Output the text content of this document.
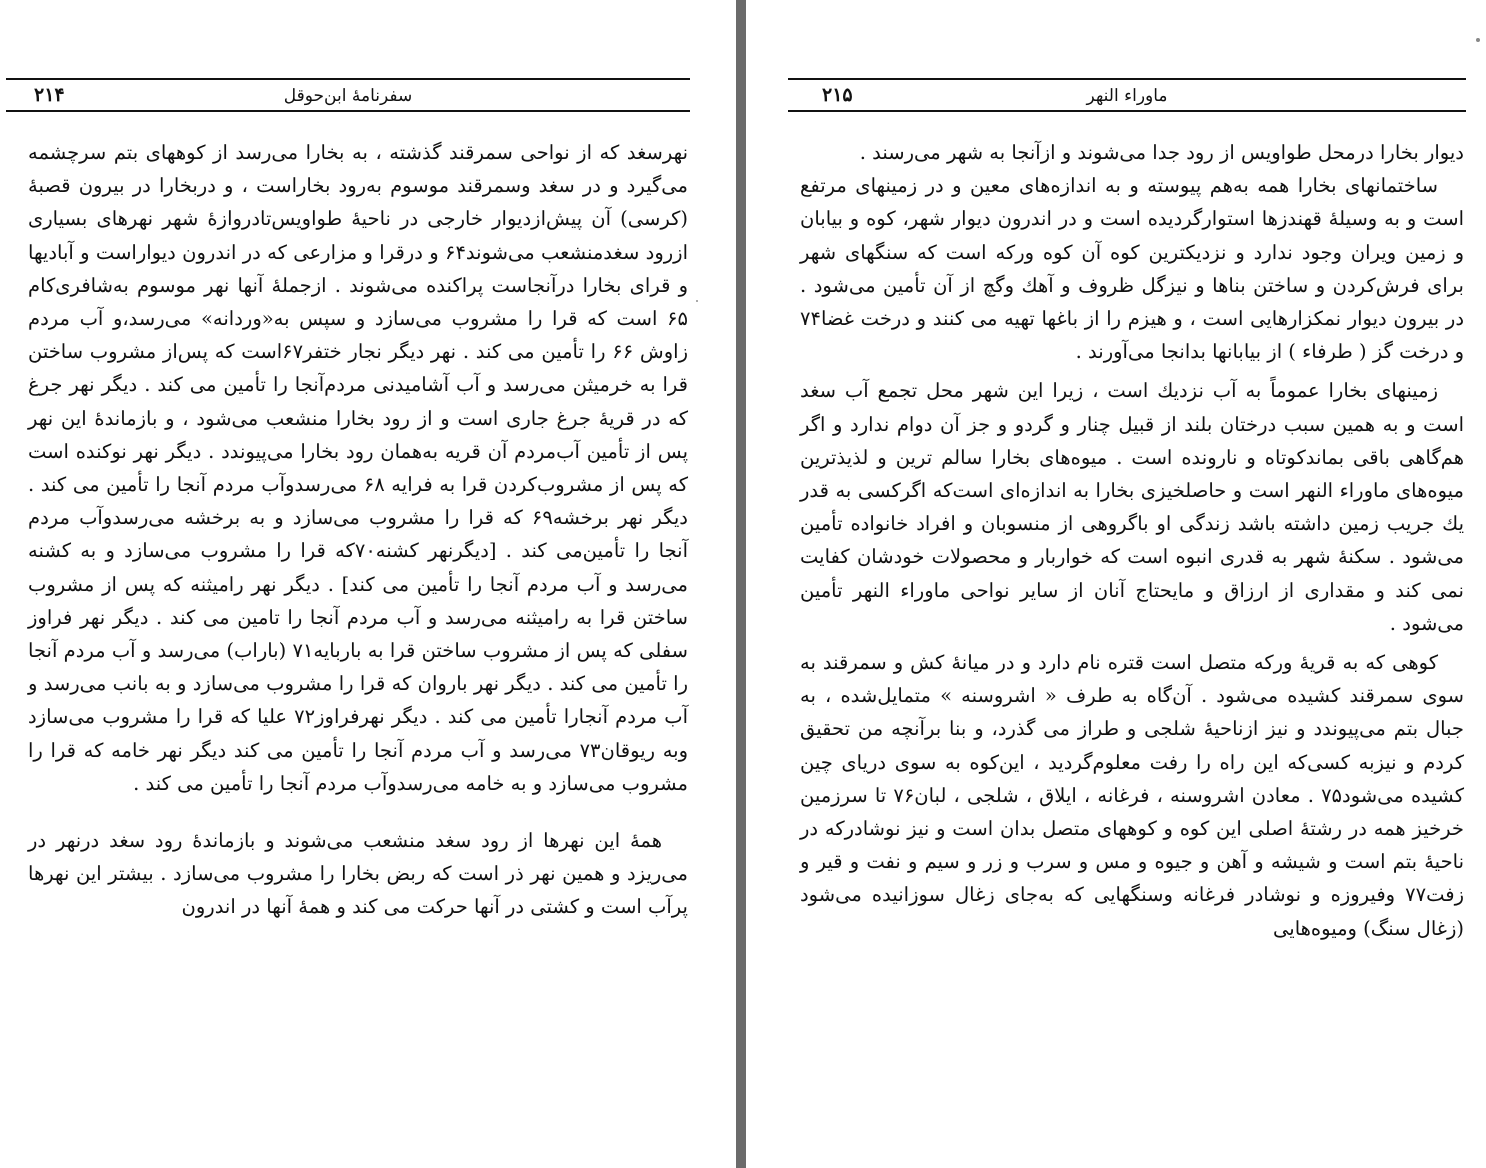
سفرنامهٔ ابن‌حوقل
۲۱۴

نهرسغد که از نواحی سمرقند گذشته ، به بخارا می‌رسد از کوههای بتم سرچشمه می‌گیرد و در سغد وسمرقند موسوم به‌رود بخاراست ، و دربخارا در بیرون قصبهٔ (کرسی) آن پیش‌ازدیوار خارجی در ناحیهٔ طواویس‌تادروازهٔ شهر نهرهای بسیاری ازرود سغدمنشعب می‌شوند۶۴ و درقرا و مزارعی که در اندرون دیواراست و آبادیها و قرای بخارا درآنجاست پراکنده می‌شوند . ازجملهٔ آنها نهر موسوم به‌شافری‌کام ۶۵ است که قرا را مشروب می‌سازد و سپس به«وردانه» می‌رسد،و آب مردم زاوش ۶۶ را تأمین می کند . نهر دیگر نجار ختفر۶۷است که پس‌از مشروب ساختن قرا به خرمیثن می‌رسد و آب آشامیدنی مردم‌آنجا را تأمین می کند . دیگر نهر جرغ که در قریهٔ جرغ جاری است و از رود بخارا منشعب می‌شود ، و بازماندهٔ این نهر پس از تأمین آب‌مردم آن قریه به‌همان رود بخارا می‌پیوندد . دیگر نهر نوکنده است که پس از مشروب‌کردن قرا به فرایه ۶۸ می‌رسد‌و‌آب مردم آنجا را تأمین می کند . دیگر نهر برخشه۶۹ که قرا را مشروب می‌سازد و به برخشه می‌رسد‌و‌آب مردم آنجا را تأمین‌می کند . [دیگرنهر کشنه۷۰که قرا را مشروب می‌سازد و به کشنه می‌رسد و آب مردم آنجا را تأمین می کند] . دیگر نهر رامیثنه که پس از مشروب ساختن قرا به رامیثنه می‌رسد و آب مردم آنجا را تامین می کند . دیگر نهر فراوز سفلی که پس از مشروب ساختن قرا به باربایه۷۱ (باراب) می‌رسد و آب مردم آنجا را تأمین می کند . دیگر نهر باروان که قرا را مشروب می‌سازد و به بانب می‌رسد و آب مردم آنجارا تأمین می کند . دیگر نهرفراوز۷۲ علیا که قرا را مشروب می‌سازد وبه ریوقان۷۳ می‌رسد و آب مردم آنجا را تأمین می کند دیگر نهر خامه که قرا را مشروب می‌سازد و به خامه می‌رسد‌و‌آب مردم آنجا را تأمین می کند .

همهٔ این نهرها از رود سغد منشعب می‌شوند و بازماندهٔ رود سغد درنهر در می‌ریزد و همین نهر ذر است که ربض بخارا را مشروب می‌سازد . بیشتر این نهرها پرآب است و کشتی در آنها حرکت می کند و همهٔ آنها در اندرون

ماوراء النهر
۲۱۵

دیوار بخارا درمحل طواویس از رود جدا می‌شوند و ازآنجا به شهر می‌رسند .

ساختمانهای بخارا همه به‌هم پیوسته و به اندازه‌های معین و در زمینهای مرتفع است و به وسیلهٔ قهندزها استوارگردیده است و در اندرون دیوار شهر، کوه و بیابان و زمین ویران وجود ندارد و نزدیکترین کوه آن کوه ورکه است که سنگهای شهر برای فرش‌کردن و ساختن بناها و نیزگل ظروف و آهك وگچ از آن تأمین می‌شود . در بیرون دیوار نمکزارهایی است ، و هیزم را از باغها تهیه می کنند و درخت غضا۷۴ و درخت گز ( طرفاء ) از بیابانها بدانجا می‌آورند .

زمینهای بخارا عموماً به آب نزدیك است ، زیرا این شهر محل تجمع آب سغد است و به همین سبب درختان بلند از قبیل چنار و گردو و جز آن دوام ندارد و اگر هم‌گاهی باقی بماندکوتاه و نارونده است . میوه‌های بخارا سالم ترین و لذیذترین میوه‌های ماوراء النهر است و حاصلخیزی بخارا به اندازه‌ای است‌که اگرکسی به قدر یك جریب زمین داشته باشد زندگی او باگروهی از منسوبان و افراد خانواده تأمین می‌شود . سکنهٔ شهر به قدری انبوه است که خواربار و محصولات خودشان کفایت نمی کند و مقداری از ارزاق و مایحتاج آنان از سایر نواحی ماوراء النهر تأمین می‌شود .

کوهی که به قریهٔ ورکه متصل است قتره نام دارد و در میانهٔ کش و سمرقند به سوی سمرقند کشیده می‌شود . آن‌گاه به طرف « اشروسنه » متمایل‌شده ، به جبال بتم می‌پیوندد و نیز ازناحیهٔ شلجی و طراز می گذرد، و بنا برآنچه من تحقیق کردم و نیزبه کسی‌که این راه را رفت معلوم‌گردید ، این‌کوه به سوی دریای چین کشیده می‌شود۷۵ . معادن اشروسنه ، فرغانه ، ایلاق ، شلجی ، لبان۷۶ تا سرزمین خرخیز همه در رشتهٔ اصلی این کوه و کوههای متصل بدان است و نیز نوشادرکه در ناحیهٔ بتم است و شیشه و آهن و جیوه و مس و سرب و زر و سیم و نفت و قیر و زفت۷۷ وفیروزه و نوشادر فرغانه وسنگهایی که به‌جای زغال سوزانیده می‌شود (زغال سنگ) ومیوه‌هایی
